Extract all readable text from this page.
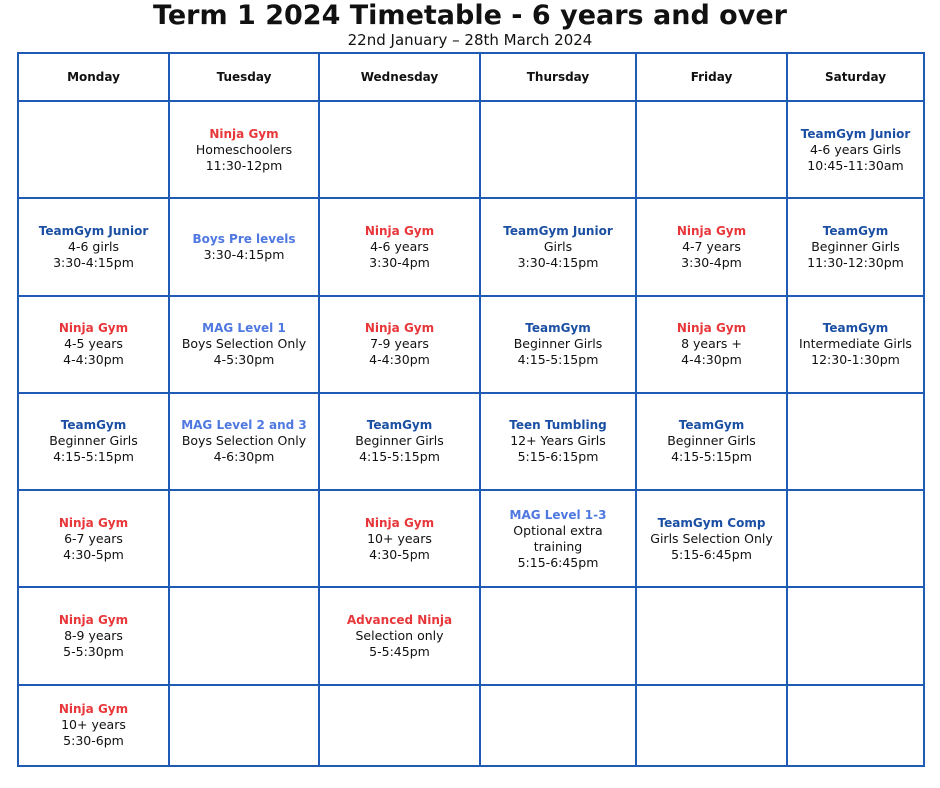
Term 1 2024 Timetable - 6 years and over
22nd January – 28th March 2024
Monday	Tuesday	Wednesday	Thursday	Friday	Saturday

	Ninja Gym
Homeschoolers
11:30-12pm				TeamGym Junior
4-6 years Girls
10:45-11:30am

TeamGym Junior
4-6 girls
3:30-4:15pm	Boys Pre levels
3:30-4:15pm	Ninja Gym
4-6 years
3:30-4pm	TeamGym Junior
Girls
3:30-4:15pm	Ninja Gym
4-7 years
3:30-4pm	TeamGym
Beginner Girls
11:30-12:30pm

Ninja Gym
4-5 years
4-4:30pm	MAG Level 1
Boys Selection Only
4-5:30pm	Ninja Gym
7-9 years
4-4:30pm	TeamGym
Beginner Girls
4:15-5:15pm	Ninja Gym
8 years +
4-4:30pm	TeamGym
Intermediate Girls
12:30-1:30pm

TeamGym
Beginner Girls
4:15-5:15pm	MAG Level 2 and 3
Boys Selection Only
4-6:30pm	TeamGym
Beginner Girls
4:15-5:15pm	Teen Tumbling
12+ Years Girls
5:15-6:15pm	TeamGym
Beginner Girls
4:15-5:15pm	

Ninja Gym
6-7 years
4:30-5pm		Ninja Gym
10+ years
4:30-5pm	MAG Level 1-3
Optional extra
training
5:15-6:45pm	TeamGym Comp
Girls Selection Only
5:15-6:45pm	

Ninja Gym
8-9 years
5-5:30pm		Advanced Ninja
Selection only
5-5:45pm			

Ninja Gym
10+ years
5:30-6pm					
